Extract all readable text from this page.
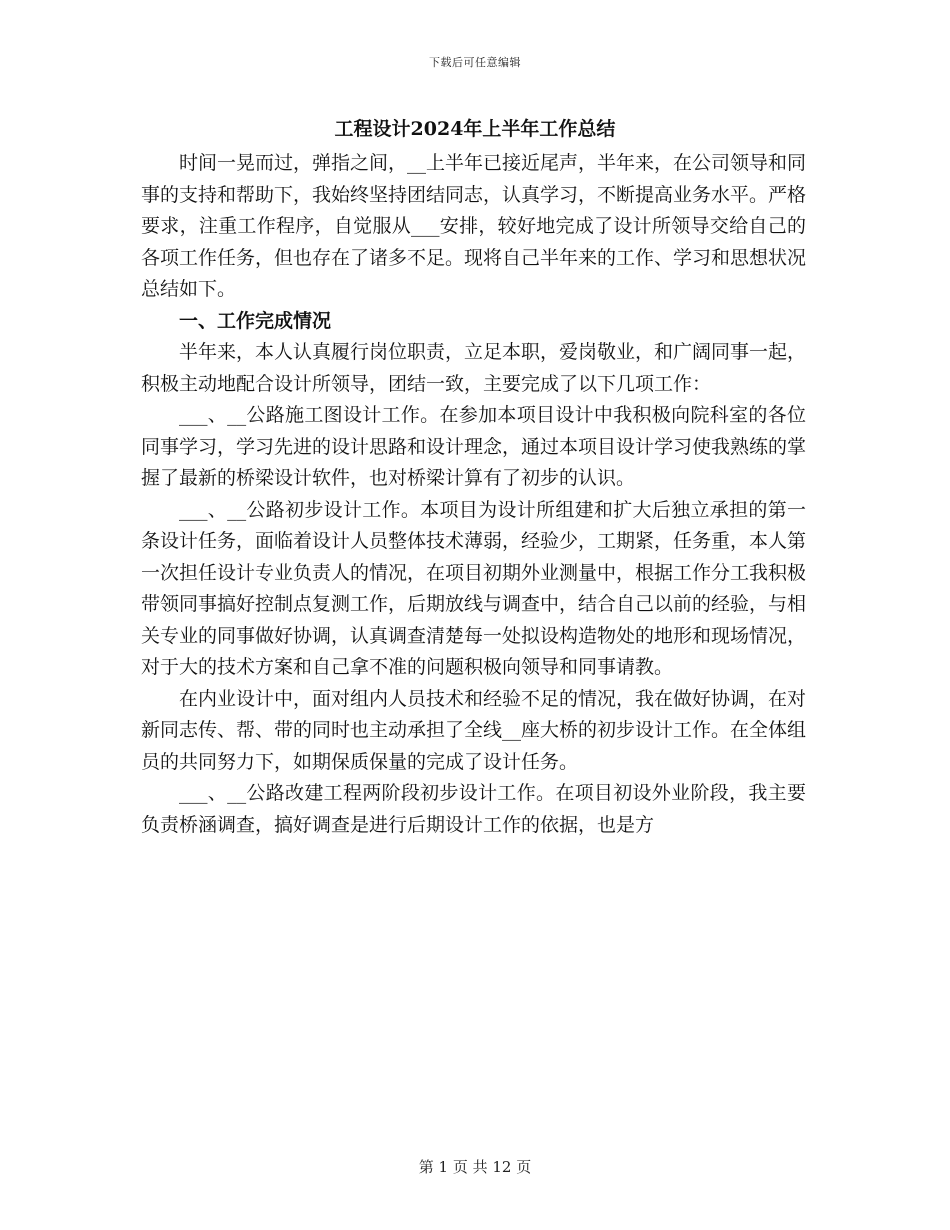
下载后可任意编辑
工程设计2024年上半年工作总结

时间一晃而过，弹指之间，__上半年已接近尾声，半年来，在公司领导和同事的支持和帮助下，我始终坚持团结同志，认真学习，不断提高业务水平。严格要求，注重工作程序，自觉服从___安排，较好地完成了设计所领导交给自己的各项工作任务，但也存在了诸多不足。现将自己半年来的工作、学习和思想状况总结如下。

一、工作完成情况

半年来，本人认真履行岗位职责，立足本职，爱岗敬业，和广阔同事一起，积极主动地配合设计所领导，团结一致，主要完成了以下几项工作：

___、__公路施工图设计工作。在参加本项目设计中我积极向院科室的各位同事学习，学习先进的设计思路和设计理念，通过本项目设计学习使我熟练的掌握了最新的桥梁设计软件，也对桥梁计算有了初步的认识。

___、__公路初步设计工作。本项目为设计所组建和扩大后独立承担的第一条设计任务，面临着设计人员整体技术薄弱，经验少，工期紧，任务重，本人第一次担任设计专业负责人的情况，在项目初期外业测量中，根据工作分工我积极带领同事搞好控制点复测工作，后期放线与调查中，结合自己以前的经验，与相关专业的同事做好协调，认真调查清楚每一处拟设构造物处的地形和现场情况，对于大的技术方案和自己拿不准的问题积极向领导和同事请教。

在内业设计中，面对组内人员技术和经验不足的情况，我在做好协调，在对新同志传、帮、带的同时也主动承担了全线__座大桥的初步设计工作。在全体组员的共同努力下，如期保质保量的完成了设计任务。

___、__公路改建工程两阶段初步设计工作。在项目初设外业阶段，我主要负责桥涵调查，搞好调查是进行后期设计工作的依据，也是方

第 1 页 共 12 页
